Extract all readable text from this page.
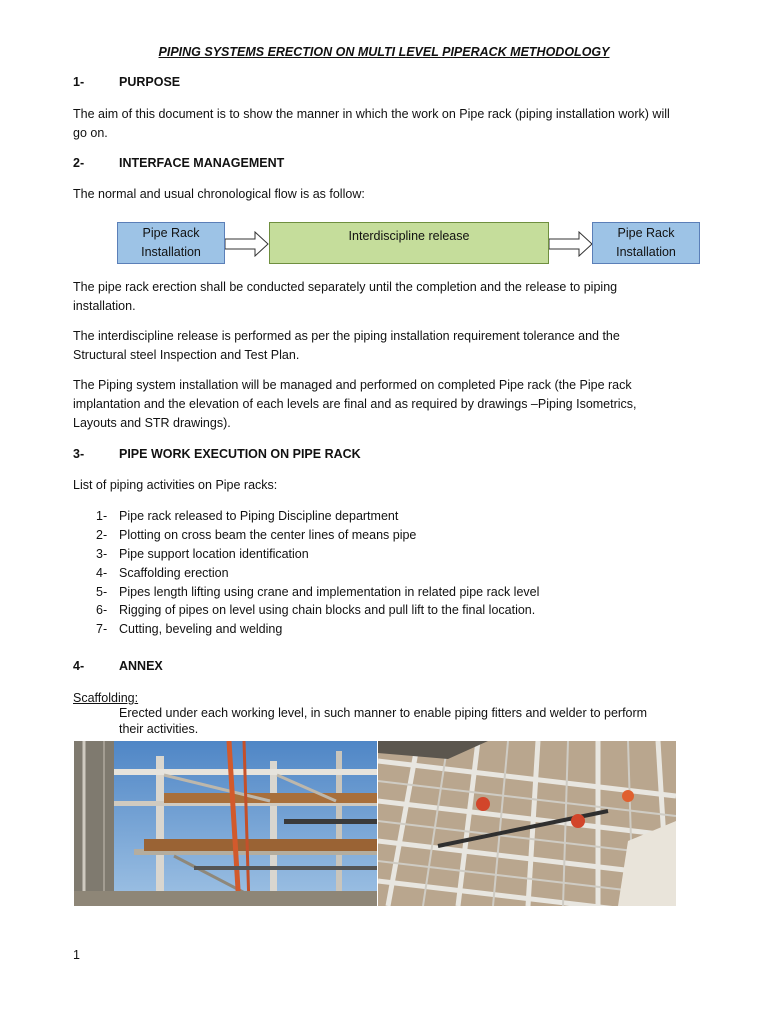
PIPING SYSTEMS ERECTION ON MULTI LEVEL PIPERACK METHODOLOGY
1-	PURPOSE
The aim of this document is to show the manner in which the work on Pipe rack (piping installation work) will go on.
2-	INTERFACE MANAGEMENT
The normal and usual chronological flow is as follow:
Pipe Rack Installation
Interdiscipline release	Pipe Rack Installation
The pipe rack erection shall be conducted separately until the completion and the release to piping installation.
The interdiscipline release is performed as per the piping installation requirement tolerance and the Structural steel Inspection and Test Plan.
The Piping system installation will be managed and performed on completed Pipe rack (the Pipe rack implantation and the elevation of each levels are final and as required by drawings –Piping Isometrics, Layouts and STR drawings).
3-	PIPE WORK EXECUTION ON PIPE RACK
List of piping activities on Pipe racks:
1- Pipe rack released to Piping Discipline department
2- Plotting on cross beam the center lines of means pipe
3- Pipe support location identification
4- Scaffolding erection
5- Pipes length lifting using crane and implementation in related pipe rack level
6- Rigging of pipes on level using chain blocks and pull lift to the final location.
7- Cutting, beveling and welding
4-	ANNEX
Scaffolding:
Erected under each working level, in such manner to enable piping fitters and welder to perform their activities.
1
